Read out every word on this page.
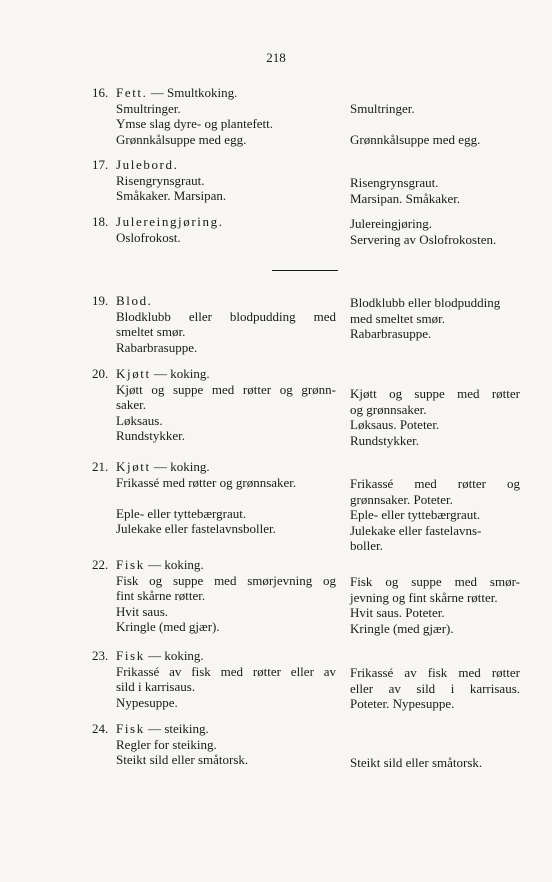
218
16. Fett. — Smultkoking.
Smultringer.
Ymse slag dyre- og plantefett.
Grønnkålsuppe med egg.
Smultringer.
Grønnkålsuppe med egg.
17. Julebord.
Risengrynsgraut.
Småkaker. Marsipan.
Risengrynsgraut.
Marsipan. Småkaker.
18. Julereingjøring.
Oslofrokost.
Julereingjøring.
Servering av Oslofrokosten.
19. Blod.
Blodklubb eller blodpudding med
smeltet smør.
Rabarbrasuppe.
Blodklubb eller blodpudding
med smeltet smør.
Rabarbrasuppe.
20. Kjøtt — koking.
Kjøtt og suppe med røtter og grønn-
saker.
Løksaus.
Rundstykker.
Kjøtt og suppe med røtter
og grønnsaker.
Løksaus. Poteter.
Rundstykker.
21. Kjøtt — koking.
Frikassé med røtter og grønnsaker.
Eple- eller tyttebærgraut.
Julekake eller fastelavnsboller.
Frikassé med røtter og
grønnsaker. Poteter.
Eple- eller tyttebærgraut.
Julekake eller fastelavns-
boller.
22. Fisk — koking.
Fisk og suppe med smørjevning og
fint skårne røtter.
Hvit saus.
Kringle (med gjær).
Fisk og suppe med smør-
jevning og fint skårne røtter.
Hvit saus. Poteter.
Kringle (med gjær).
23. Fisk — koking.
Frikassé av fisk med røtter eller av
sild i karrisaus.
Nypesuppe.
Frikassé av fisk med røtter
eller av sild i karrisaus.
Poteter. Nypesuppe.
24. Fisk — steiking.
Regler for steiking.
Steikt sild eller småtorsk.	Steikt sild eller småtorsk.
